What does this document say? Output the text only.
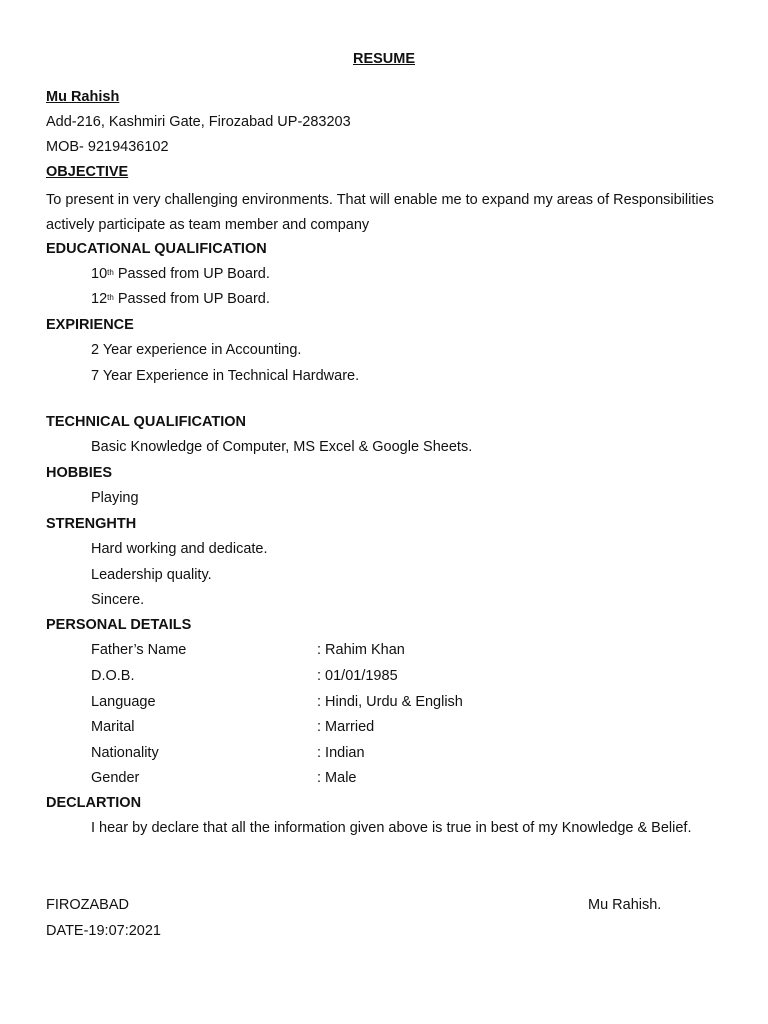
RESUME
Mu Rahish
Add-216, Kashmiri Gate, Firozabad UP-283203
MOB- 9219436102
OBJECTIVE
To present in very challenging environments. That will enable me to expand my areas of Responsibilities actively participate as team member and company
EDUCATIONAL QUALIFICATION
10th Passed from UP Board.
12th Passed from UP Board.
EXPIRIENCE
2 Year experience in Accounting.
7 Year Experience in Technical Hardware.
TECHNICAL QUALIFICATION
Basic Knowledge of Computer, MS Excel & Google Sheets.
HOBBIES
Playing
STRENGHTH
Hard working and dedicate.
Leadership quality.
Sincere.
PERSONAL DETAILS
Father’s Name	: Rahim Khan
D.O.B.	: 01/01/1985
Language	: Hindi, Urdu & English
Marital	: Married
Nationality	: Indian
Gender	: Male
DECLARTION
I hear by declare that all the information given above is true in best of my Knowledge & Belief.
FIROZABAD	Mu Rahish.
DATE-19:07:2021
